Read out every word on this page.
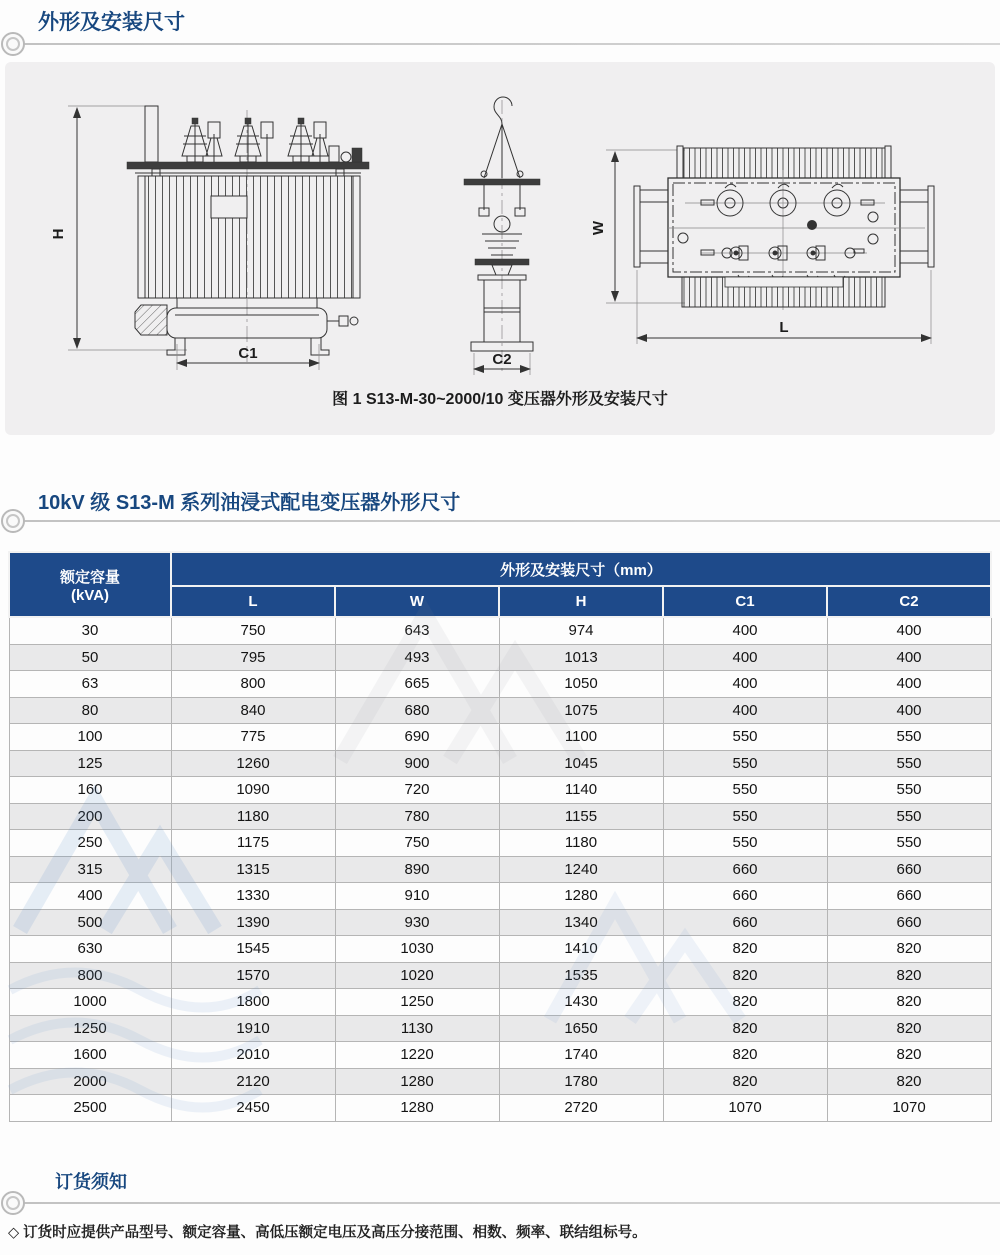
外形及安装尺寸
H
C1	C2
W
L
图 1 S13-M-30~2000/10 变压器外形及安装尺寸
10kV 级 S13-M 系列油浸式配电变压器外形尺寸
额定容量
(kVA)	外形及安装尺寸（mm）				
	L	W	H	C1	C2
30	750	643	974	400	400
50	795	493	1013	400	400
63	800	665	1050	400	400
80	840	680	1075	400	400
100	775	690	1100	550	550
125	1260	900	1045	550	550
160	1090	720	1140	550	550
200	1180	780	1155	550	550
250	1175	750	1180	550	550
315	1315	890	1240	660	660
400	1330	910	1280	660	660
500	1390	930	1340	660	660
630	1545	1030	1410	820	820
800	1570	1020	1535	820	820
1000	1800	1250	1430	820	820
1250	1910	1130	1650	820	820
1600	2010	1220	1740	820	820
2000	2120	1280	1780	820	820
2500	2450	1280	2720	1070	1070
订货须知
◇ 订货时应提供产品型号、额定容量、高低压额定电压及高压分接范围、相数、频率、联结组标号。
